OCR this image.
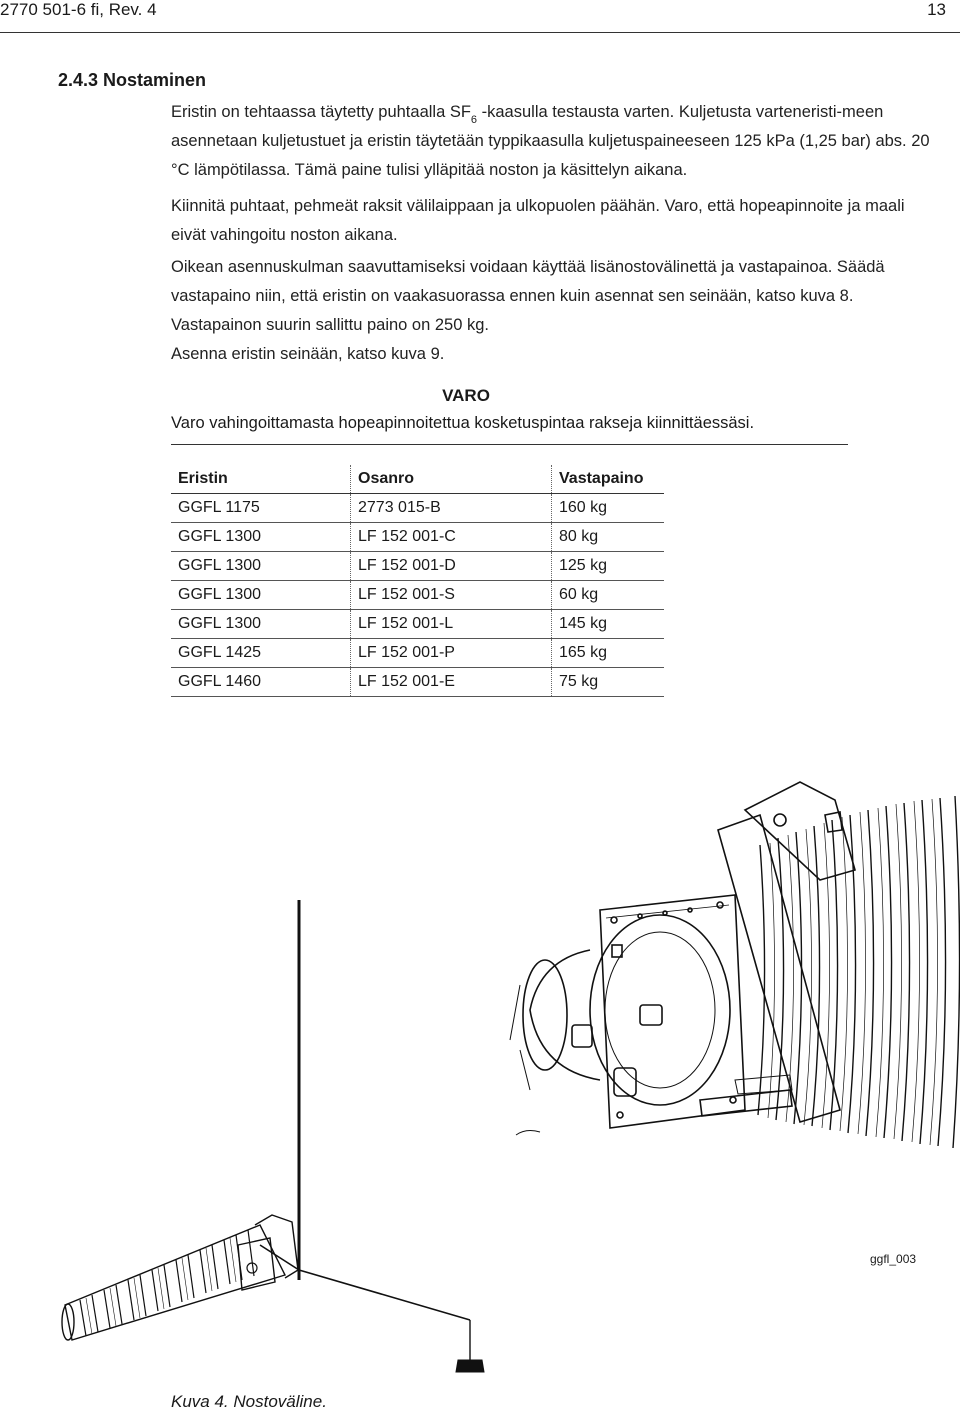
2770 501-6 fi, Rev. 4	13
2.4.3 Nostaminen

Eristin on tehtaassa täytetty puhtaalla $SF_6$ -kaasulla testausta varten. Kuljetusta varteneristi-meen asennetaan kuljetustuet ja eristin täytetään typpikaasulla kuljetuspaineeseen 125 kPa (1,25 bar) abs. 20 °C lämpötilassa. Tämä paine tulisi ylläpitää noston ja käsittelyn aikana.

Kiinnitä puhtaat, pehmeät raksit välilaippaan ja ulkopuolen päähän. Varo, että hopeapinnoite ja maali eivät vahingoitu noston aikana.

Oikean asennuskulman saavuttamiseksi voidaan käyttää lisänostovälinettä ja vastapainoa. Säädä vastapaino niin, että eristin on vaakasuorassa ennen kuin asennat sen seinään, katso kuva 8. Vastapainon suurin sallittu paino on 250 kg.

Asenna eristin seinään, katso kuva 9.

VARO
Varo vahingoittamasta hopeapinnoitettua kosketuspintaa rakseja kiinnittäessäsi.
Eristin	Osanro	Vastapaino
GGFL 1175	2773 015-B	160 kg
GGFL 1300	LF 152 001-C	80 kg
GGFL 1300	LF 152 001-D	125 kg
GGFL 1300	LF 152 001-S	60 kg
GGFL 1300	LF 152 001-L	145 kg
GGFL 1425	LF 152 001-P	165 kg
GGFL 1460	LF 152 001-E	75 kg
ggfl_003
Kuva 4. Nostoväline.
